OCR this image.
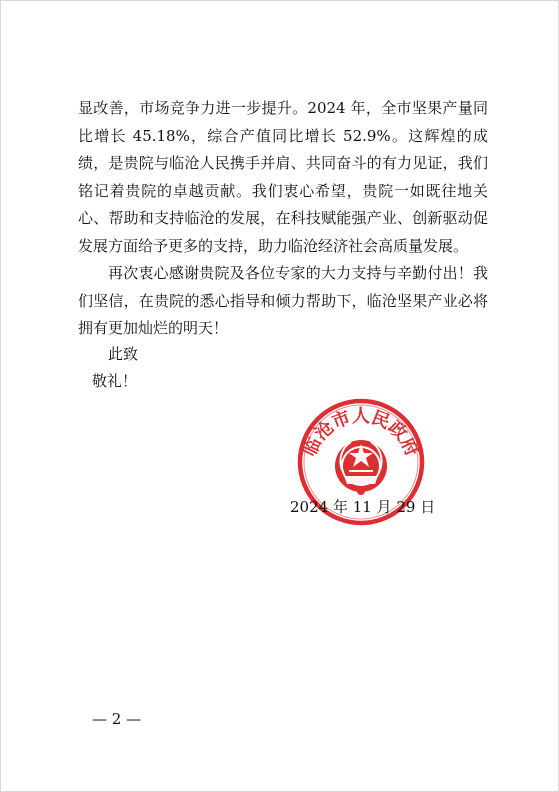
显改善，市场竞争力进一步提升。2024 年，全市坚果产量同比增长 45.18%，综合产值同比增长 52.9%。这辉煌的成绩，是贵院与临沧人民携手并肩、共同奋斗的有力见证，我们铭记着贵院的卓越贡献。我们衷心希望，贵院一如既往地关心、帮助和支持临沧的发展，在科技赋能强产业、创新驱动促发展方面给予更多的支持，助力临沧经济社会高质量发展。

再次衷心感谢贵院及各位专家的大力支持与辛勤付出！我们坚信，在贵院的悉心指导和倾力帮助下，临沧坚果产业必将拥有更加灿烂的明天！

此致
敬礼！
临沧市人民政府
2024 年 11 月 29 日
— 2 —
